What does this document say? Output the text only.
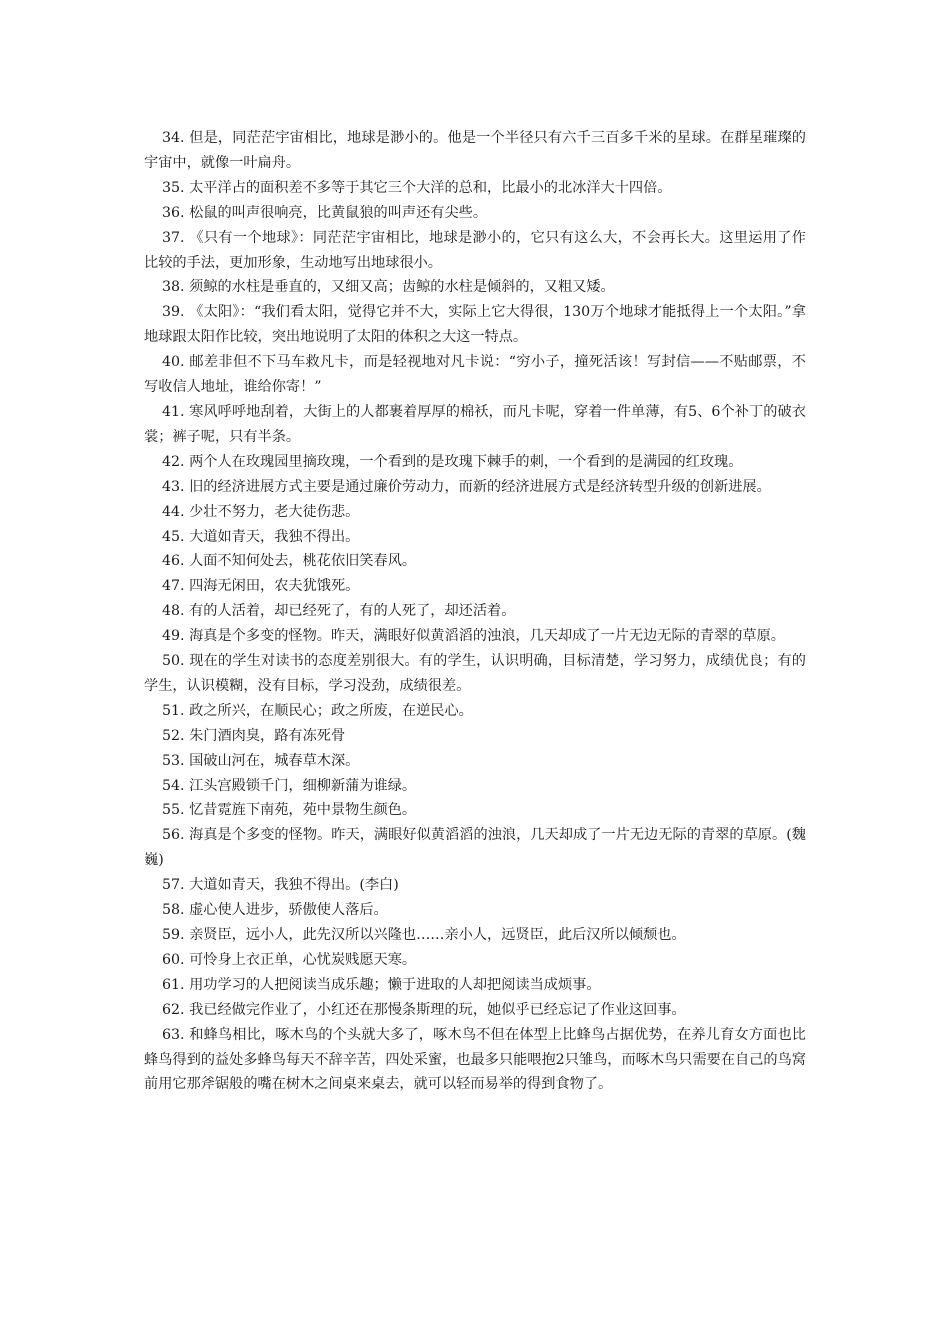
34. 但是，同茫茫宇宙相比，地球是渺小的。他是一个半径只有六千三百多千米的星球。在群星璀璨的宇宙中，就像一叶扁舟。

35. 太平洋占的面积差不多等于其它三个大洋的总和，比最小的北冰洋大十四倍。

36. 松鼠的叫声很响亮，比黄鼠狼的叫声还有尖些。

37. 《只有一个地球》：同茫茫宇宙相比，地球是渺小的，它只有这么大，不会再长大。这里运用了作比较的手法，更加形象，生动地写出地球很小。

38. 须鲸的水柱是垂直的，又细又高；齿鲸的水柱是倾斜的，又粗又矮。

39. 《太阳》：“我们看太阳，觉得它并不大，实际上它大得很，130万个地球才能抵得上一个太阳。”拿地球跟太阳作比较，突出地说明了太阳的体积之大这一特点。

40. 邮差非但不下马车救凡卡，而是轻视地对凡卡说：“穷小子，撞死活该！写封信——不贴邮票，不写收信人地址，谁给你寄！”

41. 寒风呼呼地刮着，大街上的人都裹着厚厚的棉袄，而凡卡呢，穿着一件单薄，有5、6个补丁的破衣裳；裤子呢，只有半条。

42. 两个人在玫瑰园里摘玫瑰，一个看到的是玫瑰下棘手的刺，一个看到的是满园的红玫瑰。

43. 旧的经济进展方式主要是通过廉价劳动力，而新的经济进展方式是经济转型升级的创新进展。

44. 少壮不努力，老大徒伤悲。

45. 大道如青天，我独不得出。

46. 人面不知何处去，桃花依旧笑春风。

47. 四海无闲田，农夫犹饿死。

48. 有的人活着，却已经死了，有的人死了，却还活着。

49. 海真是个多变的怪物。昨天，满眼好似黄滔滔的浊浪，几天却成了一片无边无际的青翠的草原。

50. 现在的学生对读书的态度差别很大。有的学生，认识明确，目标清楚，学习努力，成绩优良；有的学生，认识模糊，没有目标，学习没劲，成绩很差。

51. 政之所兴，在顺民心；政之所废，在逆民心。

52. 朱门酒肉臭，路有冻死骨

53. 国破山河在，城春草木深。

54. 江头宫殿锁千门，细柳新蒲为谁绿。

55. 忆昔霓旌下南苑，苑中景物生颜色。

56. 海真是个多变的怪物。昨天，满眼好似黄滔滔的浊浪，几天却成了一片无边无际的青翠的草原。(魏巍)

57. 大道如青天，我独不得出。(李白)

58. 虚心使人进步，骄傲使人落后。

59. 亲贤臣，远小人，此先汉所以兴隆也……亲小人，远贤臣，此后汉所以倾颓也。

60. 可怜身上衣正单，心忧炭贱愿天寒。

61. 用功学习的人把阅读当成乐趣；懒于进取的人却把阅读当成烦事。

62. 我已经做完作业了，小红还在那慢条斯理的玩，她似乎已经忘记了作业这回事。

63. 和蜂鸟相比，啄木鸟的个头就大多了，啄木鸟不但在体型上比蜂鸟占据优势，在养儿育女方面也比蜂鸟得到的益处多蜂鸟每天不辞辛苦，四处采蜜，也最多只能喂抱2只雏鸟，而啄木鸟只需要在自己的鸟窝前用它那斧锯般的嘴在树木之间桌来桌去，就可以轻而易举的得到食物了。
